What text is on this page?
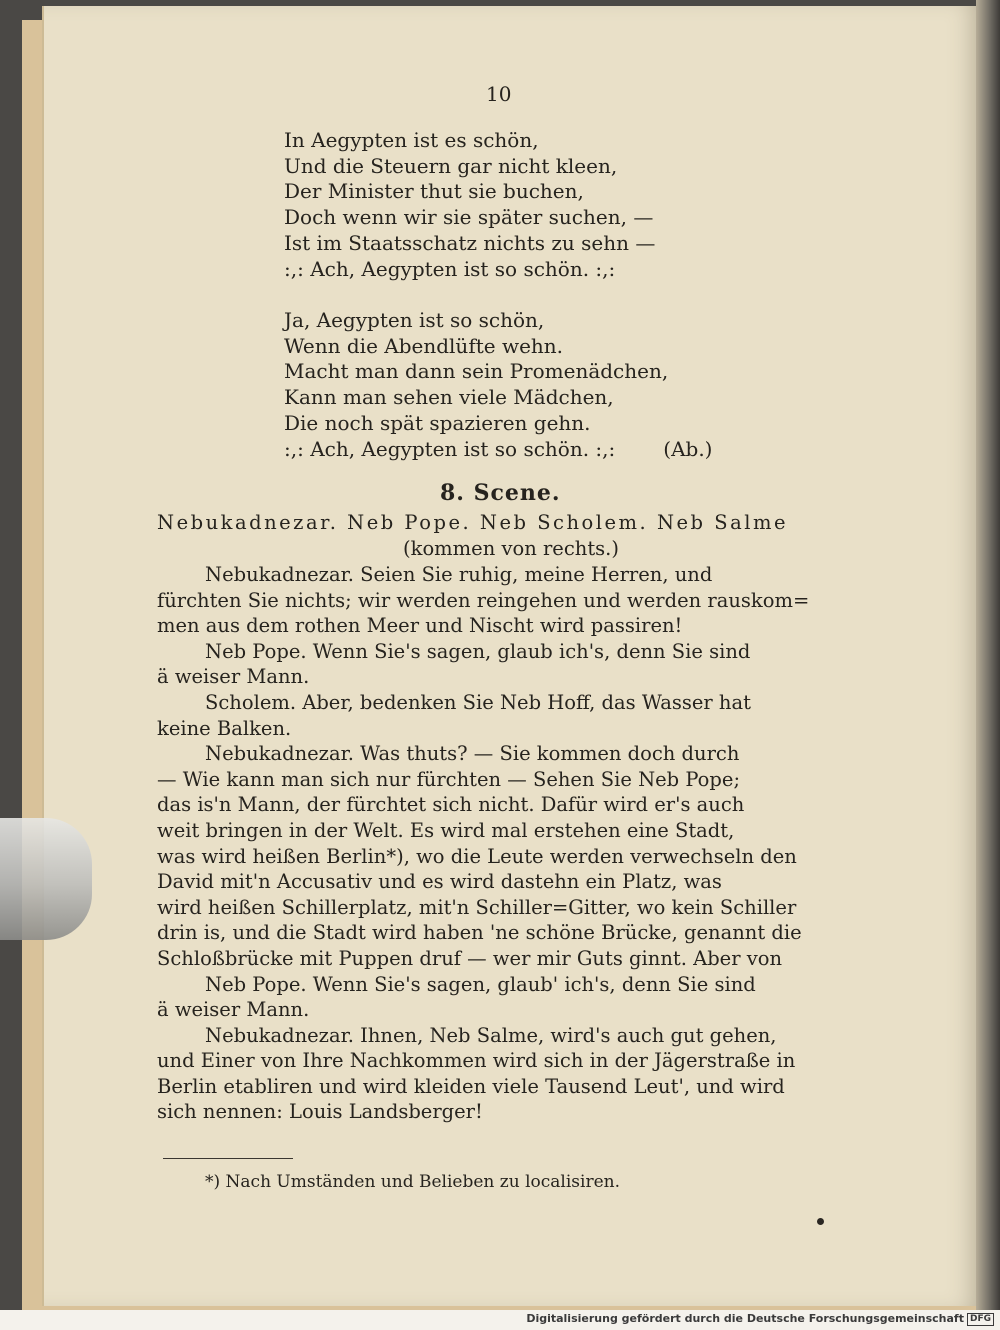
10
In Aegypten ist es schön,
Und die Steuern gar nicht kleen,
Der Minister thut sie buchen,
Doch wenn wir sie später suchen, —
Ist im Staatsschatz nichts zu sehn —
:,: Ach, Aegypten ist so schön. :,:
Ja, Aegypten ist so schön,
Wenn die Abendlüfte wehn.
Macht man dann sein Promenädchen,
Kann man sehen viele Mädchen,
Die noch spät spazieren gehn.
:,: Ach, Aegypten ist so schön. :,: (Ab.)
8. Scene.
Nebukadnezar. Neb Pope. Neb Scholem. Neb Salme
(kommen von rechts.)

Nebukadnezar. Seien Sie ruhig, meine Herren, und
fürchten Sie nichts; wir werden reingehen und werden rauskom=
men aus dem rothen Meer und Nischt wird passiren!

Neb Pope. Wenn Sie's sagen, glaub ich's, denn Sie sind
ä weiser Mann.

Scholem. Aber, bedenken Sie Neb Hoff, das Wasser hat
keine Balken.

Nebukadnezar. Was thuts? — Sie kommen doch durch
— Wie kann man sich nur fürchten — Sehen Sie Neb Pope;
das is'n Mann, der fürchtet sich nicht. Dafür wird er's auch
weit bringen in der Welt. Es wird mal erstehen eine Stadt,
was wird heißen Berlin*), wo die Leute werden verwechseln den
David mit'n Accusativ und es wird dastehn ein Platz, was
wird heißen Schillerplatz, mit'n Schiller=Gitter, wo kein Schiller
drin is, und die Stadt wird haben 'ne schöne Brücke, genannt die
Schloßbrücke mit Puppen druf — wer mir Guts ginnt. Aber von

Neb Pope. Wenn Sie's sagen, glaub' ich's, denn Sie sind
ä weiser Mann.

Nebukadnezar. Ihnen, Neb Salme, wird's auch gut gehen,
und Einer von Ihre Nachkommen wird sich in der Jägerstraße in
Berlin etabliren und wird kleiden viele Tausend Leut', und wird
sich nennen: Louis Landsberger!

*) Nach Umständen und Belieben zu localisiren.
Digitalisierung gefördert durch die Deutsche Forschungsgemeinschaft DFG
